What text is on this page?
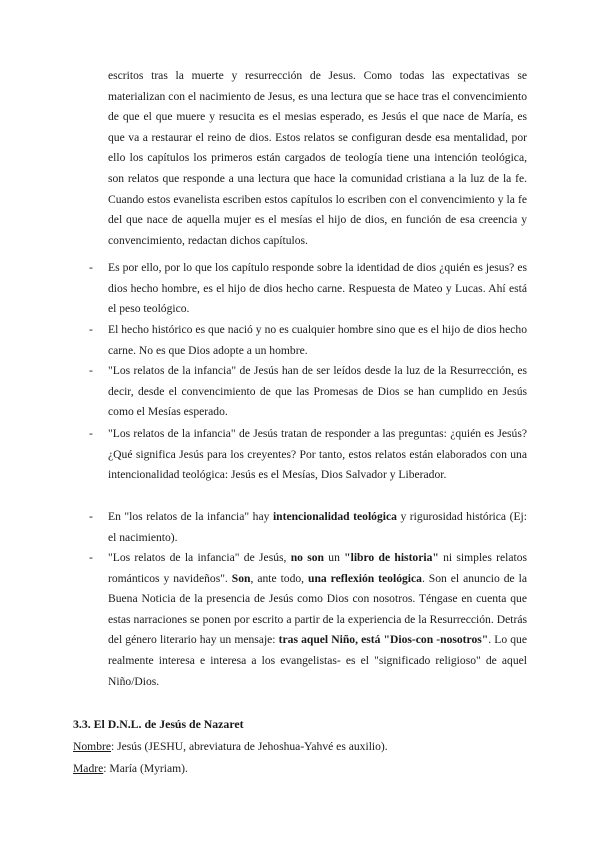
escritos tras la muerte y resurrección de Jesus. Como todas las expectativas se materializan con el nacimiento de Jesus, es una lectura que se hace tras el convencimiento de que el que muere y resucita es el mesias esperado, es Jesús el que nace de María, es que va a restaurar el reino de dios. Estos relatos se configuran desde esa mentalidad, por ello los capítulos los primeros están cargados de teología tiene una intención teológica, son relatos que responde a una lectura que hace la comunidad cristiana a la luz de la fe. Cuando estos evanelista escriben estos capítulos lo escriben con el convencimiento y la fe del que nace de aquella mujer es el mesías el hijo de dios, en función de esa creencia y convencimiento, redactan dichos capítulos.

- Es por ello, por lo que los capítulo responde sobre la identidad de dios ¿quién es jesus? es dios hecho hombre, es el hijo de dios hecho carne. Respuesta de Mateo y Lucas. Ahí está el peso teológico.

- El hecho histórico es que nació y no es cualquier hombre sino que es el hijo de dios hecho carne. No es que Dios adopte a un hombre.

- "Los relatos de la infancia" de Jesús han de ser leídos desde la luz de la Resurrección, es decir, desde el convencimiento de que las Promesas de Dios se han cumplido en Jesús como el Mesías esperado.

- "Los relatos de la infancia" de Jesús tratan de responder a las preguntas: ¿quién es Jesús? ¿Qué significa Jesús para los creyentes? Por tanto, estos relatos están elaborados con una intencionalidad teológica: Jesús es el Mesías, Dios Salvador y Liberador.

- En "los relatos de la infancia" hay intencionalidad teológica y rigurosidad histórica (Ej: el nacimiento).

- "Los relatos de la infancia" de Jesús, no son un "libro de historia" ni simples relatos románticos y navideños". Son, ante todo, una reflexión teológica. Son el anuncio de la Buena Noticia de la presencia de Jesús como Dios con nosotros. Téngase en cuenta que estas narraciones se ponen por escrito a partir de la experiencia de la Resurrección. Detrás del género literario hay un mensaje: tras aquel Niño, está "Dios-con -nosotros". Lo que realmente interesa e interesa a los evangelistas- es el "significado religioso" de aquel Niño/Dios.

3.3. El D.N.L. de Jesús de Nazaret

Nombre: Jesús (JESHU, abreviatura de Jehoshua-Yahvé es auxilio).

Madre: María (Myriam).
